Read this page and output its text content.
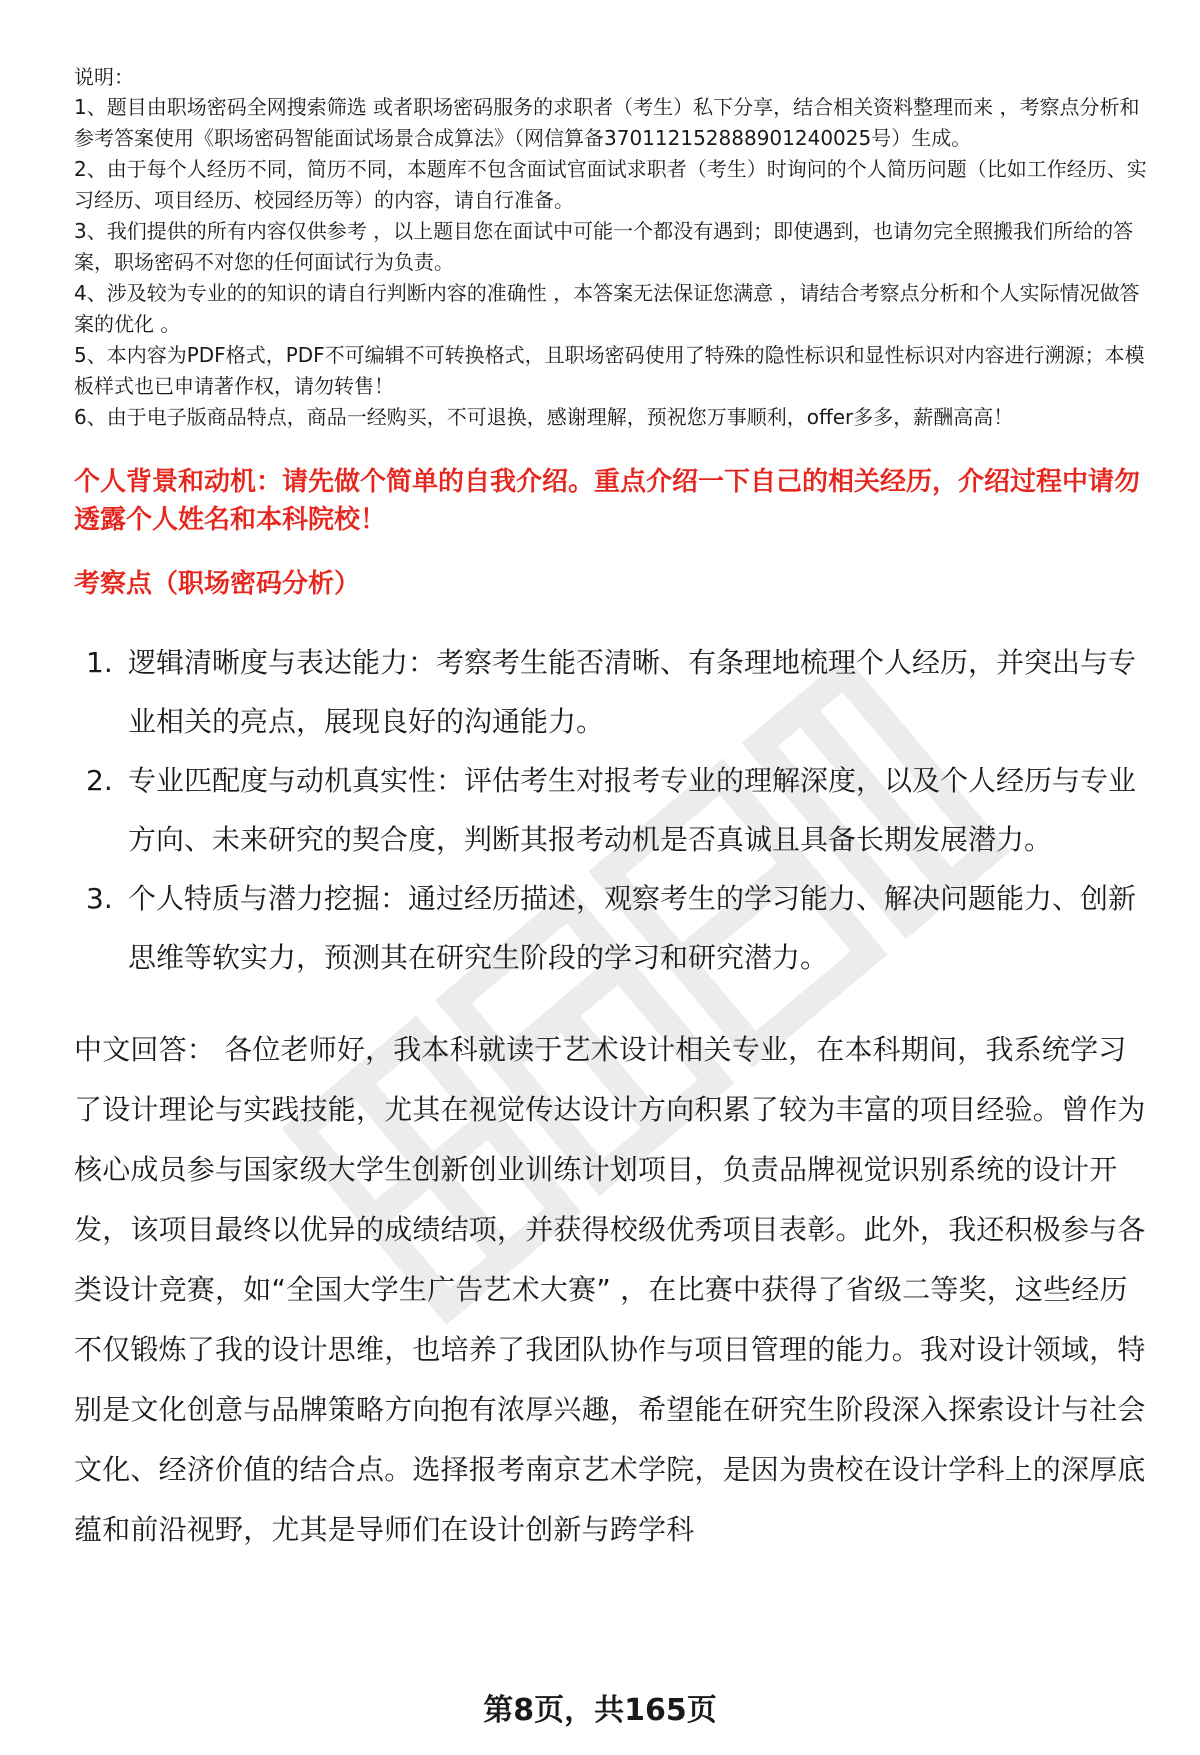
说明：

1、题目由职场密码全网搜索筛选 或者职场密码服务的求职者（考生）私下分享，结合相关资料整理而来 ，考察点分析和参考答案使用《职场密码智能面试场景合成算法》（网信算备370112152888901240025号）生成。
2、由于每个人经历不同，简历不同，本题库不包含面试官面试求职者（考生）时询问的个人简历问题（比如工作经历、实习经历、项目经历、校园经历等）的内容，请自行准备。
3、我们提供的所有内容仅供参考 ，以上题目您在面试中可能一个都没有遇到；即使遇到，也请勿完全照搬我们所给的答案，职场密码不对您的任何面试行为负责。
4、涉及较为专业的的知识的请自行判断内容的准确性 ，本答案无法保证您满意 ，请结合考察点分析和个人实际情况做答案的优化 。
5、本内容为PDF格式，PDF不可编辑不可转换格式，且职场密码使用了特殊的隐性标识和显性标识对内容进行溯源；本模板样式也已申请著作权，请勿转售！
6、由于电子版商品特点，商品一经购买，不可退换，感谢理解，预祝您万事顺利，offer多多，薪酬高高！

个人背景和动机：请先做个简单的自我介绍。重点介绍一下自己的相关经历，介绍过程中请勿透露个人姓名和本科院校！

考察点（职场密码分析）

1. 逻辑清晰度与表达能力：考察考生能否清晰、有条理地梳理个人经历，并突出与专业相关的亮点，展现良好的沟通能力。
2. 专业匹配度与动机真实性：评估考生对报考专业的理解深度，以及个人经历与专业方向、未来研究的契合度，判断其报考动机是否真诚且具备长期发展潜力。
3. 个人特质与潜力挖掘：通过经历描述，观察考生的学习能力、解决问题能力、创新思维等软实力，预测其在研究生阶段的学习和研究潜力。

中文回答： 各位老师好，我本科就读于艺术设计相关专业，在本科期间，我系统学习了设计理论与实践技能，尤其在视觉传达设计方向积累了较为丰富的项目经验。曾作为核心成员参与国家级大学生创新创业训练计划项目，负责品牌视觉识别系统的设计开发，该项目最终以优异的成绩结项，并获得校级优秀项目表彰。此外，我还积极参与各类设计竞赛，如“全国大学生广告艺术大赛” ，在比赛中获得了省级二等奖，这些经历不仅锻炼了我的设计思维，也培养了我团队协作与项目管理的能力。我对设计领域，特别是文化创意与品牌策略方向抱有浓厚兴趣，希望能在研究生阶段深入探索设计与社会文化、经济价值的结合点。选择报考南京艺术学院，是因为贵校在设计学科上的深厚底蕴和前沿视野，尤其是导师们在设计创新与跨学科

第8页，共165页
